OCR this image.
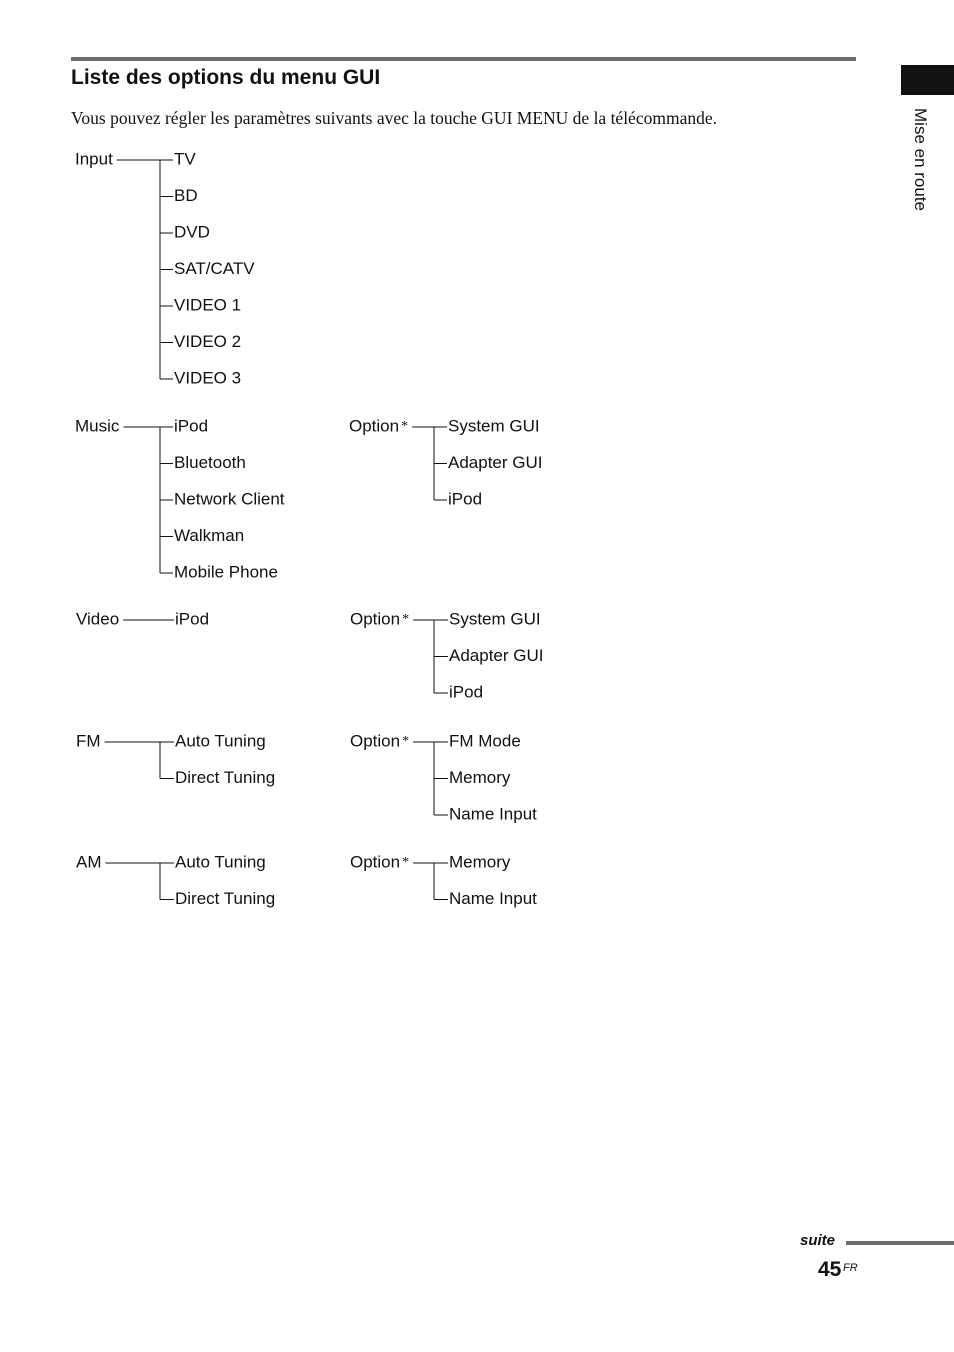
Liste des options du menu GUI

Vous pouvez régler les paramètres suivants avec la touche GUI MENU de la télécommande.	Mise en route
Input	TV
BD
DVD
SAT/CATV
VIDEO 1
VIDEO 2
VIDEO 3
Music	iPod
Bluetooth
Network Client
Walkman
Mobile Phone
Option * System GUI
Adapter GUI
iPod
Video	iPod	Option * System GUI
Adapter GUI
iPod
FM	Auto Tuning
Direct Tuning
Option * FM Mode
Memory
Name Input
AM	Auto Tuning
Direct Tuning
Option * Memory
Name Input
suite
45 FR
